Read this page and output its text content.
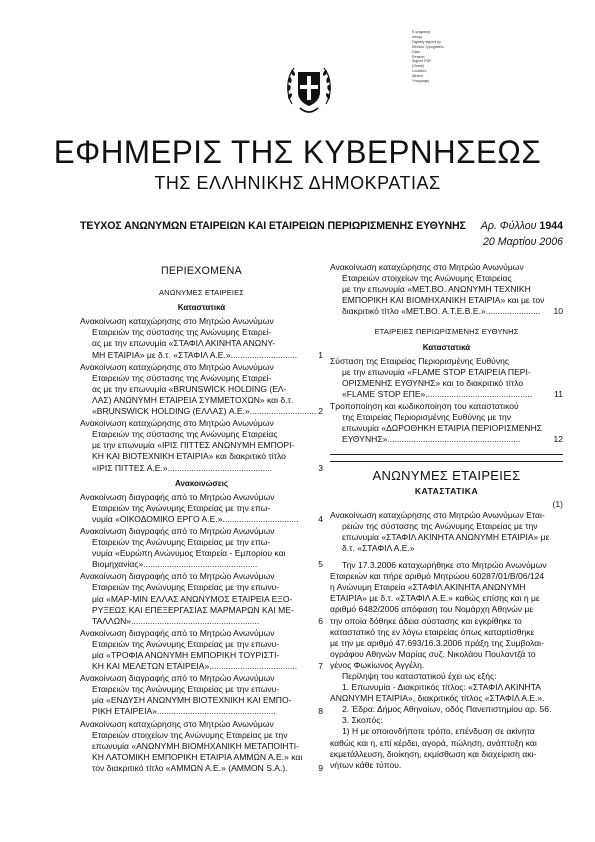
Ε.ψηφιακής
υπογρ.
Digitally signed by
Ethniko Typografeio
Date:
Reason:
Signed PDF
(Greek)
Location:
Athens
Υπογραφή
ΕΦΗΜΕΡΙΣ ΤΗΣ ΚΥΒΕΡΝΗΣΕΩΣ
ΤΗΣ ΕΛΛΗΝΙΚΗΣ ΔΗΜΟΚΡΑΤΙΑΣ
ΤΕΥΧΟΣ ΑΝΩΝΥΜΩΝ ΕΤΑΙΡΕΙΩΝ ΚΑΙ ΕΤΑΙΡΕΙΩΝ ΠΕΡΙΩΡΙΣΜΕΝΗΣ ΕΥΘΥΝΗΣ Αρ. Φύλλου 1944
20 Μαρτίου 2006
ΠΕΡΙΕΧΟΜΕΝΑ
ΑΝΩΝΥΜΕΣ ΕΤΑΙΡΕΙΕΣ
Καταστατικά
Ανακοίνωση καταχώρησης στο Μητρώο Ανωνύμων
Εταιρειών της σύστασης της Ανώνυμης Εταιρεί-
ας με την επωνυμία «ΣΤΑΦΙΛ ΑΚΙΝΗΤΑ ΑΝΩΝΥ-
ΜΗ ΕΤΑΙΡΙΑ» με δ.τ. «ΣΤΑΦΙΛ Α.Ε.»............................	1
Ανακοίνωση καταχώρησης στο Μητρώο Ανωνύμων
Εταιρειών της σύστασης της Ανώνυμης Εταιρεί-
ας με την επωνυμία «BRUNSWICK HOLDING (ΕΛ-
ΛΑΣ) ΑΝΩΝΥΜΗ ΕΤΑΙΡΕΙΑ ΣΥΜΜΕΤΟΧΩΝ» και δ.τ.
«BRUNSWICK HOLDING (ΕΛΛΑΣ) Α.Ε.»............................ 2
Ανακοίνωση καταχώρησης στο Μητρώο Ανωνύμων
Εταιρειών της σύστασης της Ανώνυμης Εταιρείας
με την επωνυμία «ΙΡΙΣ ΠΙΤΤΕΣ ΑΝΩΝΥΜΗ ΕΜΠΟΡΙ-
ΚΗ ΚΑΙ ΒΙΟΤΕΧΝΙΚΗ ΕΤΑΙΡΙΑ» και διακριτικό τίτλο
«ΙΡΙΣ ΠΙΤΤΕΣ Α.Ε.»............................................	3
Ανακοινώσεις
Ανακοίνωση διαγραφής από το Μητρώο Ανωνύμων
Εταιρειών της Ανώνυμης Εταιρείας με την επω-
νυμία «ΟΙΚΟΔΟΜΙΚΟ ΕΡΓΟ Α.Ε.»................................	4
Ανακοίνωση διαγραφής από το Μητρώο Ανωνύμων
Εταιρειών της Ανώνυμης Εταιρείας με την επω-
νυμία «Ευρώπη Ανώνυμος Εταιρεία - Εμπορίου και
Βιομηχανίας»................................................	5
Ανακοίνωση διαγραφής από το Μητρώο Ανωνύμων
Εταιρειών της Ανώνυμης Εταιρείας με την επωνυ-
μία «ΜΑΡ-ΜΙΝ ΕΛΛΑΣ ΑΝΩΝΥΜΟΣ ΕΤΑΙΡΕΙΑ ΕΞΟ-
ΡΥΞΕΩΣ ΚΑΙ ΕΠΕΞΕΡΓΑΣΙΑΣ ΜΑΡΜΑΡΩΝ ΚΑΙ ΜΕ-
ΤΑΛΛΩΝ»......................................................	6
Ανακοίνωση διαγραφής από το Μητρώο Ανωνύμων
Εταιρειών της Ανώνυμης Εταιρείας με την επωνυ-
μία «ΤΡΟΦΙΑ ΑΝΩΝΥΜΗ ΕΜΠΟΡΙΚΗ ΤΟΥΡΙΣΤΙ-
ΚΗ ΚΑΙ ΜΕΛΕΤΩΝ ΕΤΑΙΡΕΙΑ».....................................	7
Ανακοίνωση διαγραφής από το Μητρώο Ανωνύμων
Εταιρειών της Ανώνυμης Εταιρείας με την επωνυ-
μία «ΕΝΔΥΣΗ ΑΝΩΝΥΜΗ ΒΙΟΤΕΧΝΙΚΗ ΚΑΙ ΕΜΠΟ-
ΡΙΚΗ ΕΤΑΙΡΕΙΑ»..................................................	8
Ανακοίνωση καταχώρησης στο Μητρώο Ανωνύμων
Εταιρειών στοιχείων της Ανώνυμης Εταιρείας με την
επωνυμία «ΑΝΩΝΥΜΗ ΒΙΟΜΗΧΑΝΙΚΗ ΜΕΤΑΠΟΙΗΤΙ-
ΚΗ ΛΑΤΟΜΙΚΗ ΕΜΠΟΡΙΚΗ ΕΤΑΙΡΙΑ ΑΜΜΩΝ Α.Ε.» και
τον διακριτικό τίτλο «ΑΜΜΩΝ Α.Ε.» (AMMON S.A.).	9
Ανακοίνωση καταχώρησης στο Μητρώο Ανωνύμων
Εταιρειών στοιχείων της Ανώνυμης Εταιρείας
με την επωνυμία «ΜΕΤ.ΒΟ. ΑΝΩΝΥΜΗ ΤΕΧΝΙΚΗ
ΕΜΠΟΡΙΚΗ ΚΑΙ ΒΙΟΜΗΧΑΝΙΚΗ ΕΤΑΙΡΙΑ» και με τον
διακριτικό τίτλο «ΜΕΤ.ΒΟ. Α.Τ.Ε.Β.Ε.».......................	10
ΕΤΑΙΡΕΙΕΣ ΠΕΡΙΩΡΙΣΜΕΝΗΣ ΕΥΘΥΝΗΣ
Καταστατικά
Σύσταση της Εταιρείας Περιορισμένης Ευθύνης
με την επωνυμία «FLAME STOP ΕΤΑΙΡΕΙΑ ΠΕΡΙ-
ΟΡΙΣΜΕΝΗΣ ΕΥΘΥΝΗΣ» και το διακριτικό τίτλο
«FLAME STOP ΕΠΕ».............................................	11
Τροποποίηση και κωδικοποίηση του καταστατικού
της Εταιρείας Περιορισμένης Ευθύνης με την
επωνυμία «ΔΩΡΟΘΗΚΗ ΕΤΑΙΡΙΑ ΠΕΡΙΟΡΙΣΜΕΝΗΣ
ΕΥΘΥΝΗΣ»........................................................	12
ΑΝΩΝΥΜΕΣ ΕΤΑΙΡΕΙΕΣ
ΚΑΤΑΣΤΑΤΙΚΑ
(1)
Ανακοίνωση καταχώρησης στο Μητρώο Ανωνύμων Εται-
ρειών της σύστασης της Ανώνυμης Εταιρείας με την
επωνυμία «ΣΤΑΦΙΛ ΑΚΙΝΗΤΑ ΑΝΩΝΥΜΗ ΕΤΑΙΡΙΑ» με
δ.τ. «ΣΤΑΦΙΛ Α.Ε.»
Την 17.3.2006 καταχωρήθηκε στο Μητρώο Ανωνύμων
Εταιρειών και πήρε αριθμό Μητρώου 60287/01/Β/06/124
η Ανώνυμη Εταιρεία «ΣΤΑΦΙΛ ΑΚΙΝΗΤΑ ΑΝΩΝΥΜΗ
ΕΤΑΙΡΙΑ» με δ.τ. «ΣΤΑΦΙΛ Α.Ε.» καθώς επίσης και η με
αριθμό 6482/2006 απόφαση του Νομάρχη Αθηνών με
την οποία δόθηκε άδεια σύστασης και εγκρίθηκε το
καταστατικό της εν λόγω εταιρείας όπως καταρτίσθηκε
με την με αριθμό 47.693/16.3.2006 πράξη της Συμβολαι-
ογράφου Αθηνών Μαρίας συζ. Νικολάου Πουλαντζά το
γένος Φωκίωνος Αγγέλη.
Περίληψη του καταστατικού έχει ως εξής:
1. Επωνυμία - Διακριτικός τίτλος: «ΣΤΑΦΙΛ ΑΚΙΝΗΤΑ
ΑΝΩΝΥΜΗ ΕΤΑΙΡΙΑ», διακριτικός τίτλος «ΣΤΑΦΙΛ Α.Ε.».
2. Έδρα: Δήμος Αθηναίων, οδός Πανεπιστημίου αρ. 56.
3. Σκοπός:
1) Η με οποιονδήποτε τρόπο, επένδυση σε ακίνητα
καθώς και η, επί κέρδει, αγορά, πώληση, ανάπτυξη και
εκμετάλλευση, διοίκηση, εκμίσθωση και διαχείριση ακι-
νήτων κάθε τύπου.
